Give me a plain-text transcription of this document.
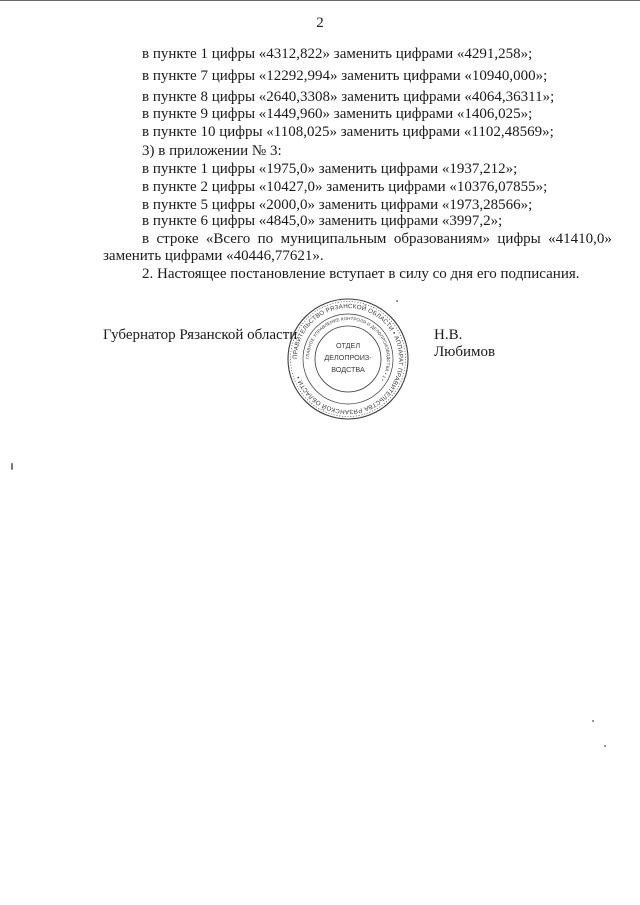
2
в пункте 1 цифры «4312,822» заменить цифрами «4291,258»;
в пункте 7 цифры «12292,994» заменить цифрами «10940,000»;
в пункте 8 цифры «2640,3308» заменить цифрами «4064,36311»;
в пункте 9 цифры «1449,960» заменить цифрами «1406,025»;
в пункте 10 цифры «1108,025» заменить цифрами «1102,48569»;
3) в приложении № 3:
в пункте 1 цифры «1975,0» заменить цифрами «1937,212»;
в пункте 2 цифры «10427,0» заменить цифрами «10376,07855»;
в пункте 5 цифры «2000,0» заменить цифрами «1973,28566»;
в пункте 6 цифры «4845,0» заменить цифрами «3997,2»;
в строке «Всего по муниципальным образованиям» цифры «41410,0»
заменить цифрами «40446,77621».
2. Настоящее постановление вступает в силу со дня его подписания.
Губернатор Рязанской области	Н.В. Любимов
ПРАВИТЕЛЬСТВО РЯЗАНСКОЙ ОБЛАСТИ • АППАРАТ ПРАВИТЕЛЬСТВА РЯЗАНСКОЙ ОБЛАСТИ •
ГЛАВНОЕ УПРАВЛЕНИЕ КОНТРОЛЯ И ДЕЛОПРОИЗВОДСТВА • 1 •
ОТДЕЛ
ДЕЛОПРОИЗ-
ВОДСТВА
